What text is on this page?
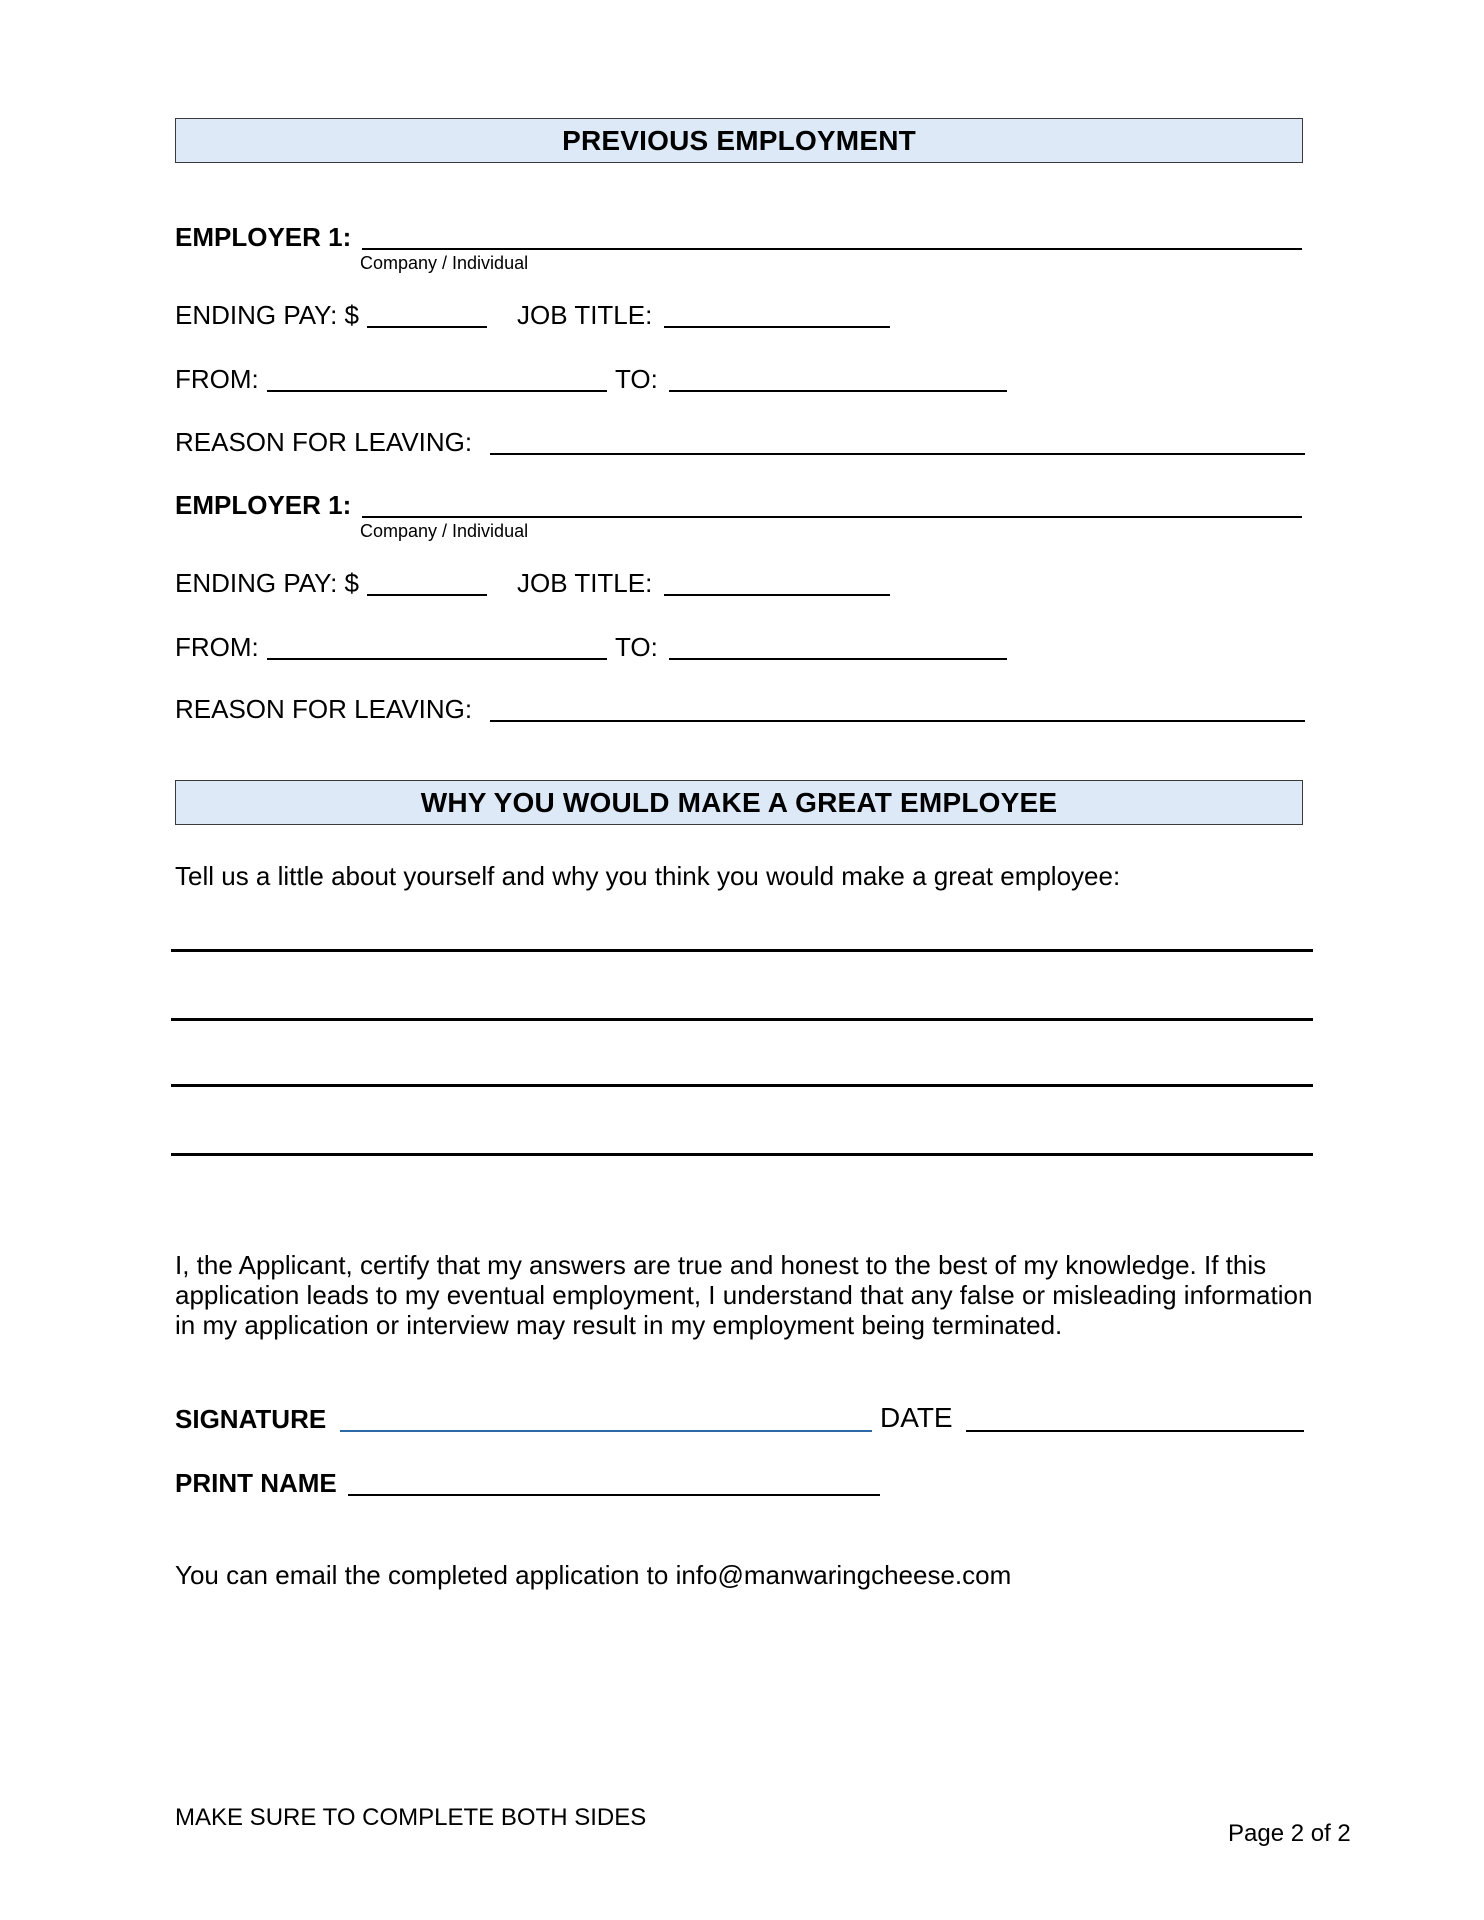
PREVIOUS EMPLOYMENT
EMPLOYER 1:
Company / Individual
ENDING PAY: $	JOB TITLE:
FROM:	TO:
REASON FOR LEAVING:
EMPLOYER 1:
Company / Individual
ENDING PAY: $	JOB TITLE:
FROM:	TO:
REASON FOR LEAVING:
WHY YOU WOULD MAKE A GREAT EMPLOYEE
Tell us a little about yourself and why you think you would make a great employee:
I, the Applicant, certify that my answers are true and honest to the best of my knowledge. If this application leads to my eventual employment, I understand that any false or misleading information in my application or interview may result in my employment being terminated.
SIGNATURE	DATE
PRINT NAME
You can email the completed application to info@manwaringcheese.com
MAKE SURE TO COMPLETE BOTH SIDES
Page 2 of 2
